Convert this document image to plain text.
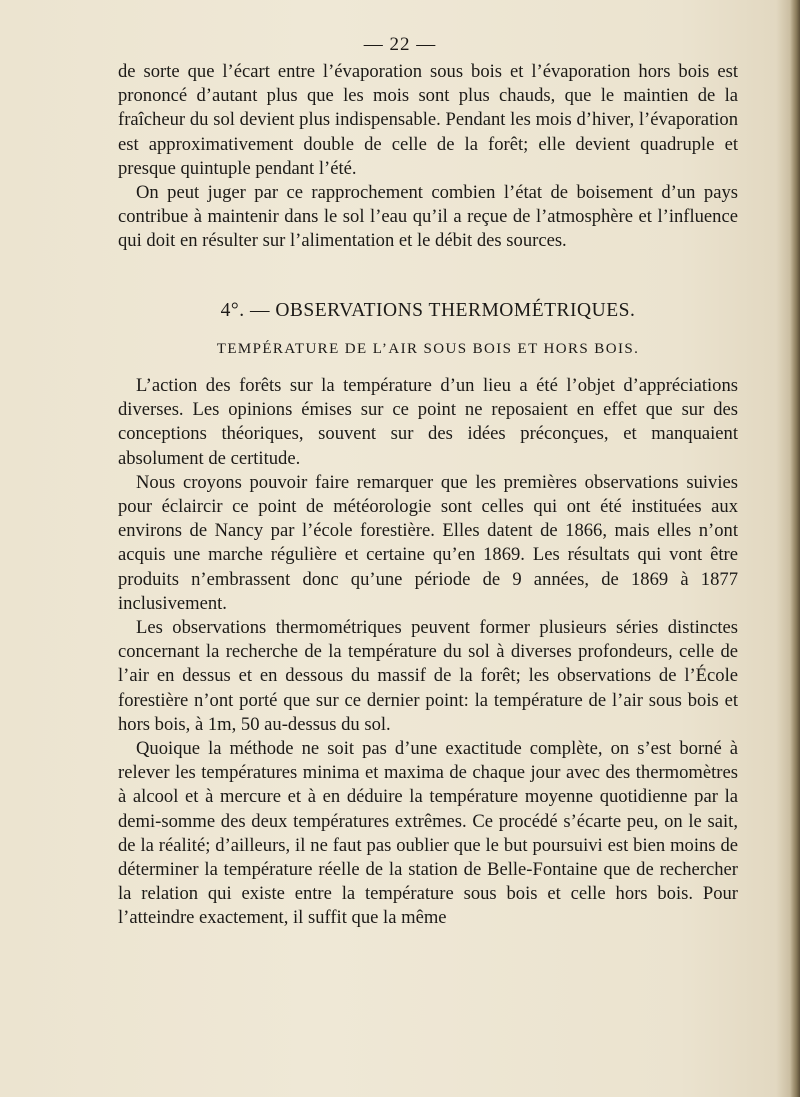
— 22 —

de sorte que l’écart entre l’évaporation sous bois et l’évaporation hors bois est prononcé d’autant plus que les mois sont plus chauds, que le maintien de la fraîcheur du sol devient plus indispensable. Pendant les mois d’hiver, l’évaporation est approximativement double de celle de la forêt; elle devient quadruple et presque quintuple pendant l’été.

On peut juger par ce rapprochement combien l’état de boisement d’un pays contribue à maintenir dans le sol l’eau qu’il a reçue de l’atmosphère et l’influence qui doit en résulter sur l’alimentation et le débit des sources.

4°. — OBSERVATIONS THERMOMÉTRIQUES.
TEMPÉRATURE DE L’AIR SOUS BOIS ET HORS BOIS.

L’action des forêts sur la température d’un lieu a été l’objet d’appréciations diverses. Les opinions émises sur ce point ne reposaient en effet que sur des conceptions théoriques, souvent sur des idées préconçues, et manquaient absolument de certitude.

Nous croyons pouvoir faire remarquer que les premières observations suivies pour éclaircir ce point de météorologie sont celles qui ont été instituées aux environs de Nancy par l’école forestière. Elles datent de 1866, mais elles n’ont acquis une marche régulière et certaine qu’en 1869. Les résultats qui vont être produits n’embrassent donc qu’une période de 9 années, de 1869 à 1877 inclusivement.

Les observations thermométriques peuvent former plusieurs séries distinctes concernant la recherche de la température du sol à diverses profondeurs, celle de l’air en dessus et en dessous du massif de la forêt; les observations de l’École forestière n’ont porté que sur ce dernier point: la température de l’air sous bois et hors bois, à 1m, 50 au-dessus du sol.

Quoique la méthode ne soit pas d’une exactitude complète, on s’est borné à relever les températures minima et maxima de chaque jour avec des thermomètres à alcool et à mercure et à en déduire la température moyenne quotidienne par la demi-somme des deux températures extrêmes. Ce procédé s’écarte peu, on le sait, de la réalité; d’ailleurs, il ne faut pas oublier que le but poursuivi est bien moins de déterminer la température réelle de la station de Belle-Fontaine que de rechercher la relation qui existe entre la température sous bois et celle hors bois. Pour l’atteindre exactement, il suffit que la même
